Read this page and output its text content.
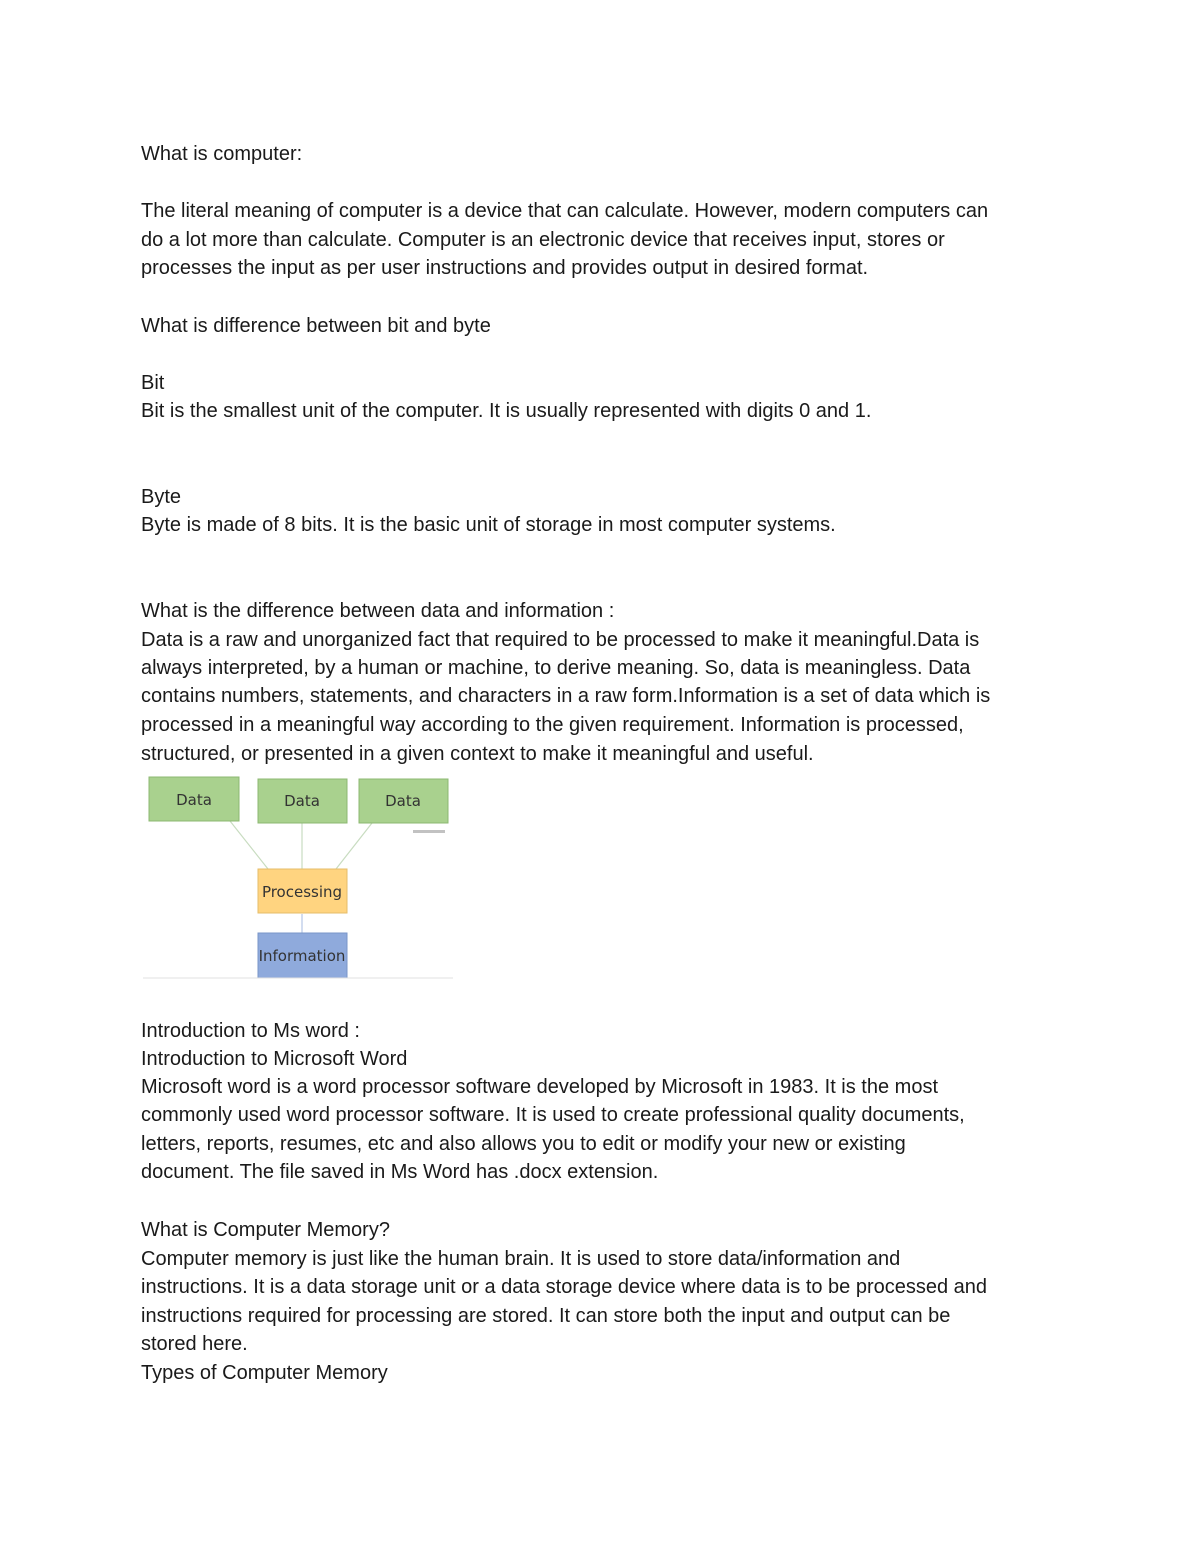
What is computer:

The literal meaning of computer is a device that can calculate. However, modern computers can

do a lot more than calculate. Computer is an electronic device that receives input, stores or

processes the input as per user instructions and provides output in desired format.

What is difference between bit and byte

Bit

Bit is the smallest unit of the computer. It is usually represented with digits 0 and 1.

Byte

Byte is made of 8 bits. It is the basic unit of storage in most computer systems.

What is the difference between data and information :

Data is a raw and unorganized fact that required to be processed to make it meaningful.Data is

always interpreted, by a human or machine, to derive meaning. So, data is meaningless. Data

contains numbers, statements, and characters in a raw form.Information is a set of data which is

processed in a meaningful way according to the given requirement. Information is processed,

structured, or presented in a given context to make it meaningful and useful.

Data	Data	Data
Processing
Information

Introduction to Ms word :

Introduction to Microsoft Word

Microsoft word is a word processor software developed by Microsoft in 1983. It is the most

commonly used word processor software. It is used to create professional quality documents,

letters, reports, resumes, etc and also allows you to edit or modify your new or existing

document. The file saved in Ms Word has .docx extension.

What is Computer Memory?

Computer memory is just like the human brain. It is used to store data/information and

instructions. It is a data storage unit or a data storage device where data is to be processed and

instructions required for processing are stored. It can store both the input and output can be

stored here.

Types of Computer Memory
